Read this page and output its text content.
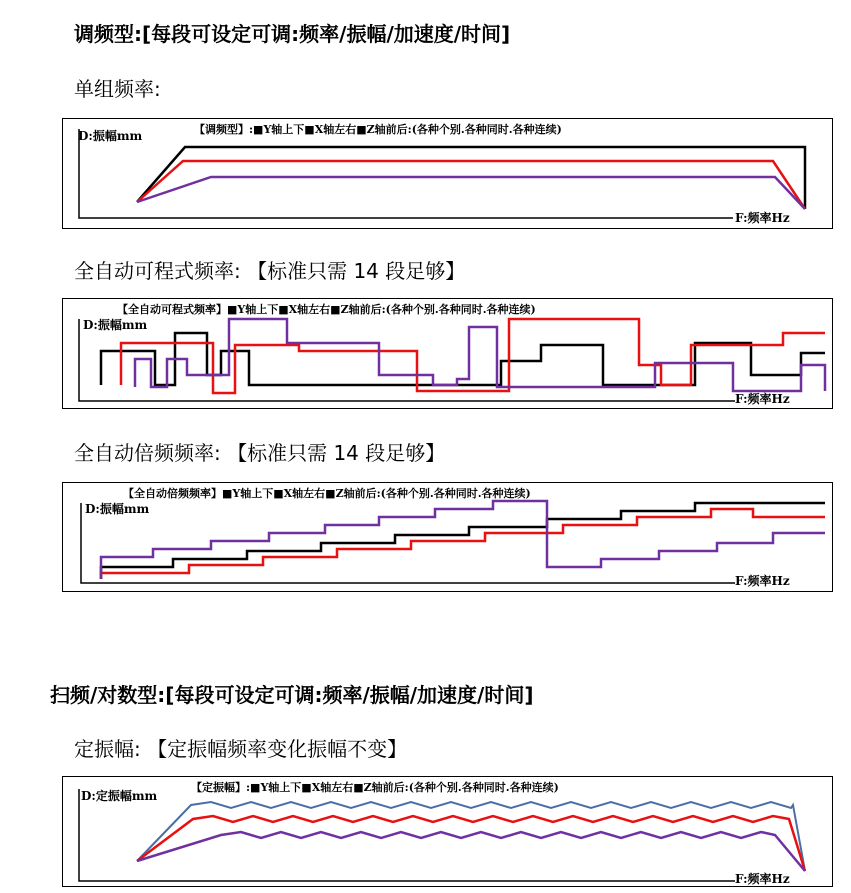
调频型:[每段可设定可调:频率/振幅/加速度/时间]
单组频率:
【调频型】:■Y轴上下■X轴左右■Z轴前后:(各种个别.各种同时.各种连续)
D:振幅mm
F:频率Hz
全自动可程式频率: 【标准只需 14 段足够】
【全自动可程式频率】■Y轴上下■X轴左右■Z轴前后:(各种个别.各种同时.各种连续)
D:振幅mm
F:频率Hz
全自动倍频频率: 【标准只需 14 段足够】
【全自动倍频频率】■Y轴上下■X轴左右■Z轴前后:(各种个别.各种同时.各种连续)
D:振幅mm
F:频率Hz
扫频/对数型:[每段可设定可调:频率/振幅/加速度/时间]
定振幅: 【定振幅频率变化振幅不变】
【定振幅】:■Y轴上下■X轴左右■Z轴前后:(各种个别.各种同时.各种连续)
D:定振幅mm
F:频率Hz
